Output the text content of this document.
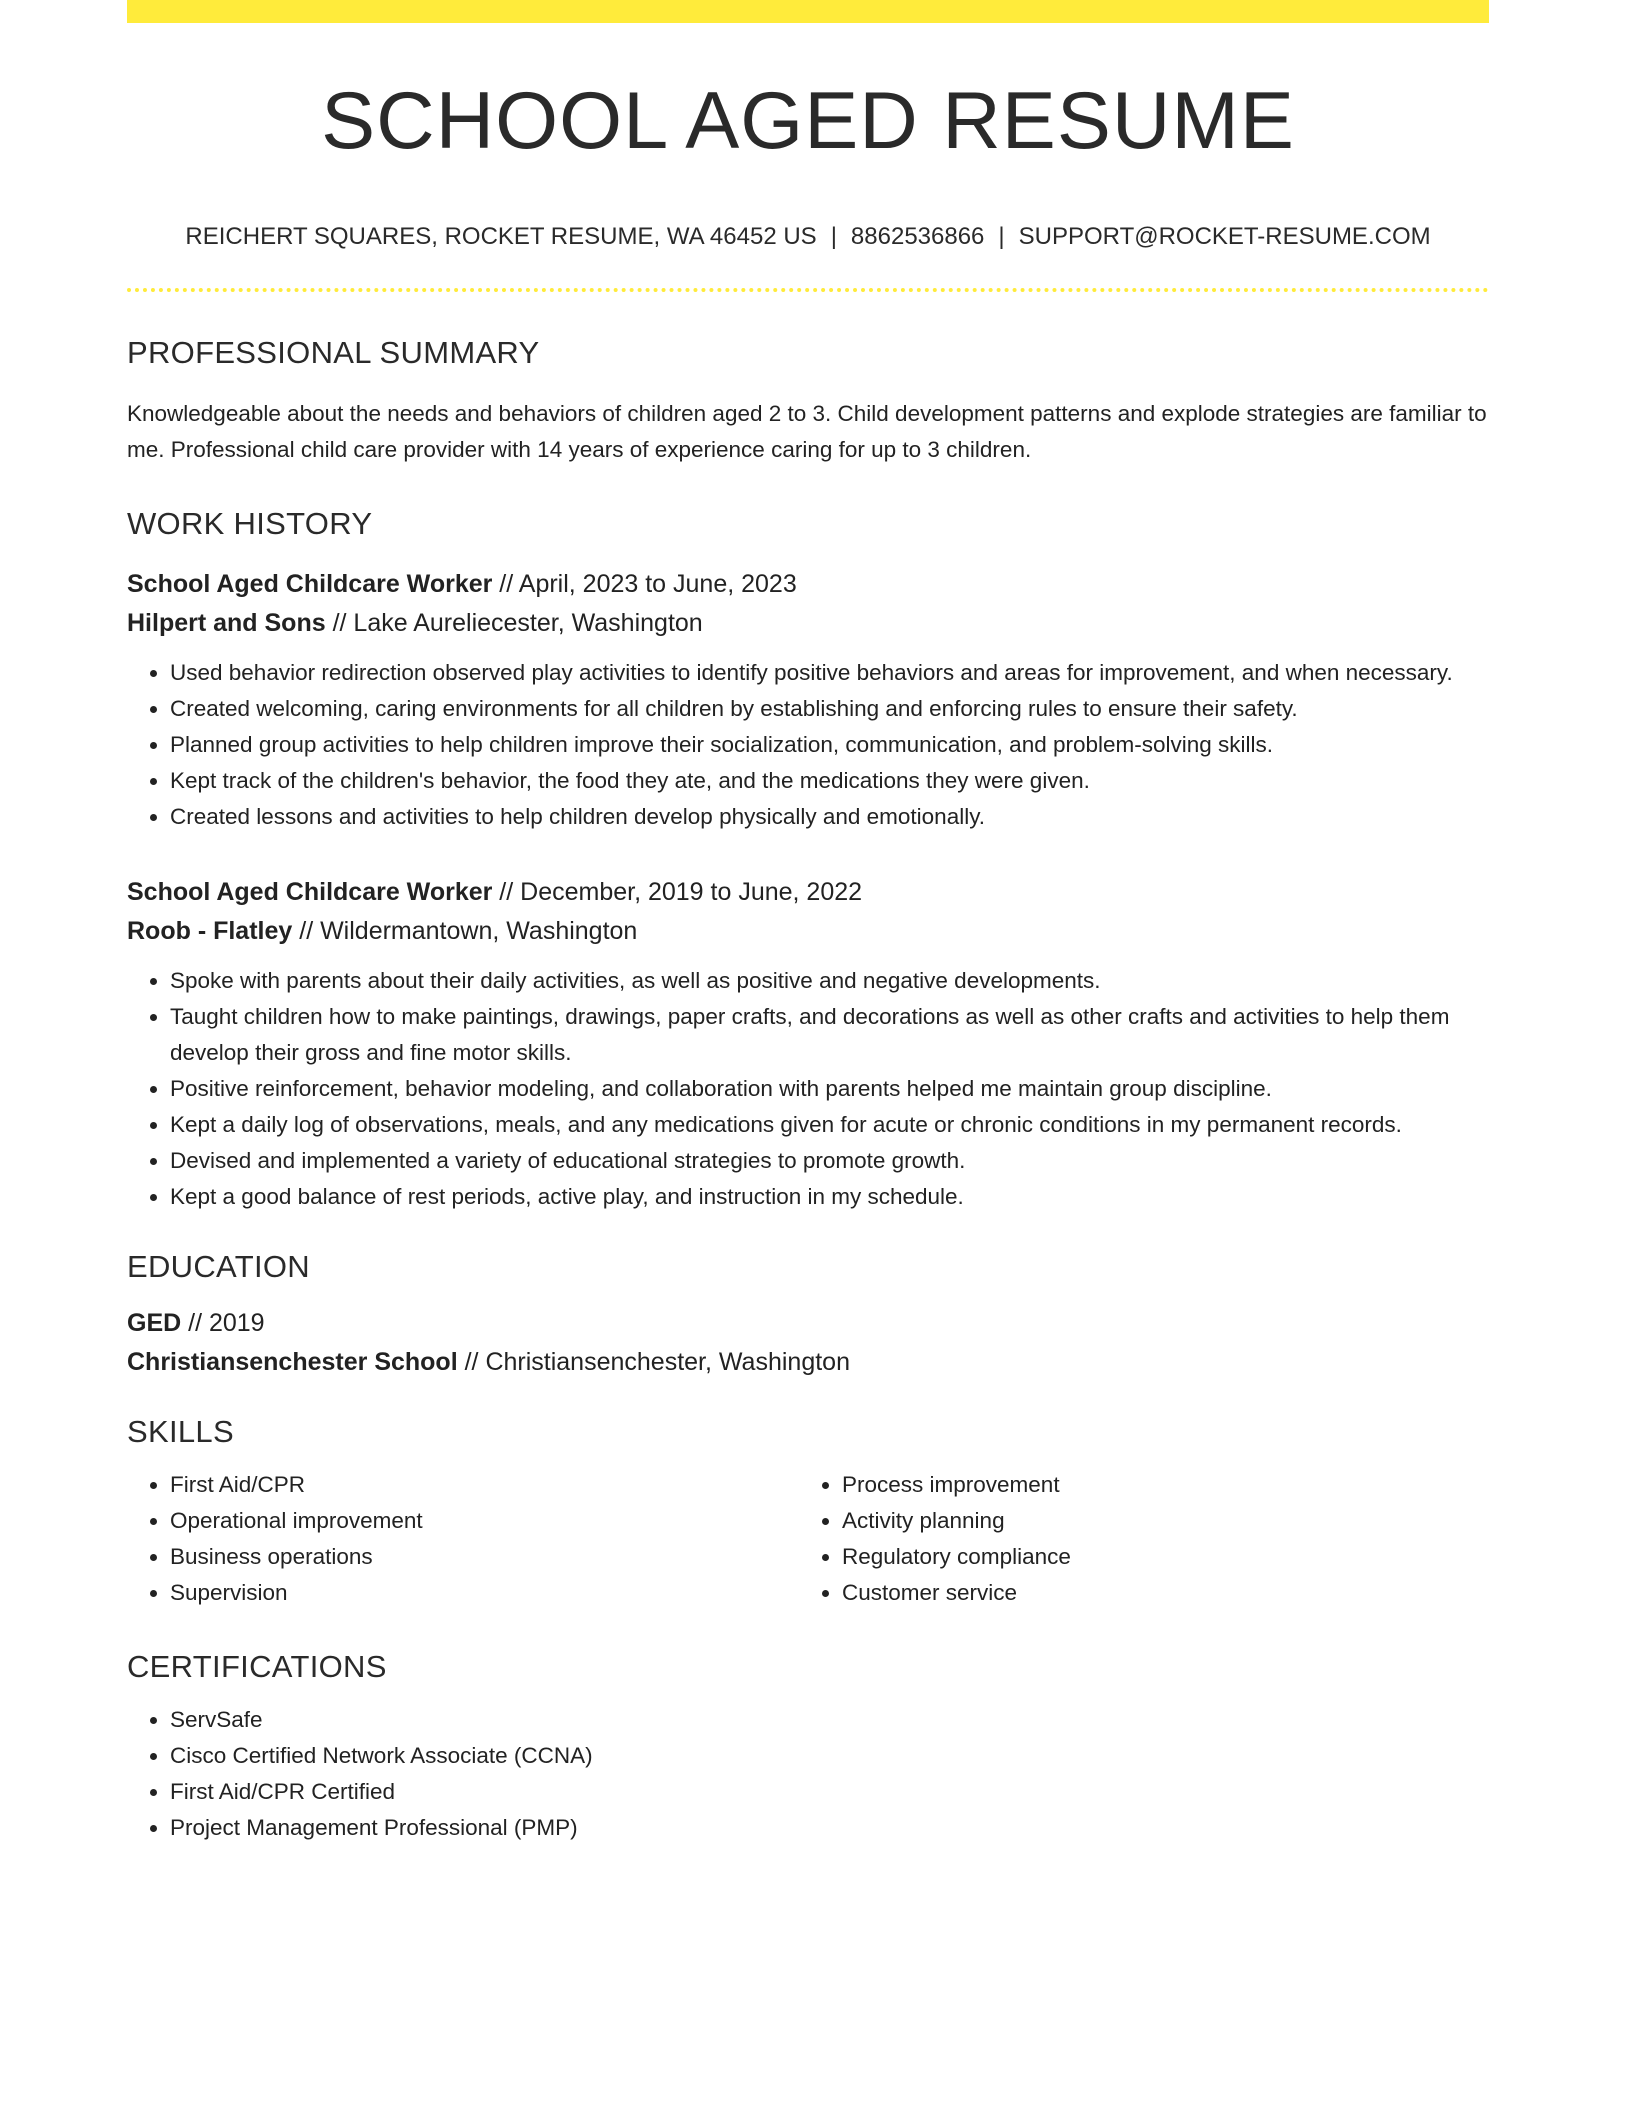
SCHOOL AGED RESUME
REICHERT SQUARES, ROCKET RESUME, WA 46452 US | 8862536866 | SUPPORT@ROCKET-RESUME.COM
PROFESSIONAL SUMMARY
Knowledgeable about the needs and behaviors of children aged 2 to 3. Child development patterns and explode strategies are familiar to me. Professional child care provider with 14 years of experience caring for up to 3 children.
WORK HISTORY
School Aged Childcare Worker // April, 2023 to June, 2023
Hilpert and Sons // Lake Aureliecester, Washington
• Used behavior redirection observed play activities to identify positive behaviors and areas for improvement, and when necessary.
• Created welcoming, caring environments for all children by establishing and enforcing rules to ensure their safety.
• Planned group activities to help children improve their socialization, communication, and problem-solving skills.
• Kept track of the children's behavior, the food they ate, and the medications they were given.
• Created lessons and activities to help children develop physically and emotionally.
School Aged Childcare Worker // December, 2019 to June, 2022
Roob - Flatley // Wildermantown, Washington
• Spoke with parents about their daily activities, as well as positive and negative developments.
• Taught children how to make paintings, drawings, paper crafts, and decorations as well as other crafts and activities to help them develop their gross and fine motor skills.
• Positive reinforcement, behavior modeling, and collaboration with parents helped me maintain group discipline.
• Kept a daily log of observations, meals, and any medications given for acute or chronic conditions in my permanent records.
• Devised and implemented a variety of educational strategies to promote growth.
• Kept a good balance of rest periods, active play, and instruction in my schedule.
EDUCATION
GED // 2019
Christiansenchester School // Christiansenchester, Washington
SKILLS
• First Aid/CPR
• Operational improvement
• Business operations
• Supervision
• Process improvement
• Activity planning
• Regulatory compliance
• Customer service
CERTIFICATIONS
• ServSafe
• Cisco Certified Network Associate (CCNA)
• First Aid/CPR Certified
• Project Management Professional (PMP)
